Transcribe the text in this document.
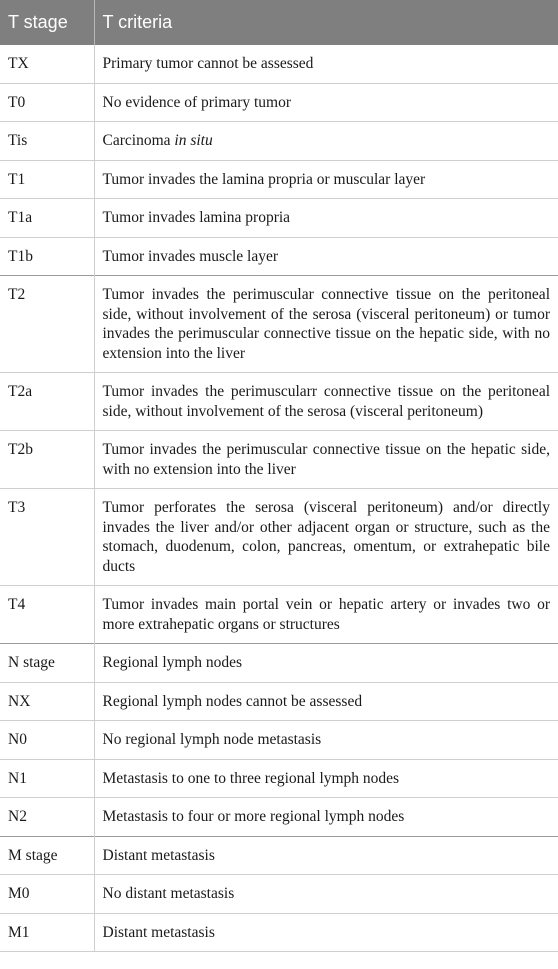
T stage	T criteria
TX	Primary tumor cannot be assessed
T0	No evidence of primary tumor
Tis	Carcinoma in situ
T1	Tumor invades the lamina propria or muscular layer
T1a	Tumor invades lamina propria
T1b	Tumor invades muscle layer
T2	Tumor invades the perimuscular connective tissue on the peritoneal side, without involvement of the serosa (visceral peritoneum) or tumor invades the perimuscular connective tissue on the hepatic side, with no extension into the liver
T2a	Tumor invades the perimuscularr connective tissue on the peritoneal side, without involvement of the serosa (visceral peritoneum)
T2b	Tumor invades the perimuscular connective tissue on the hepatic side, with no extension into the liver
T3	Tumor perforates the serosa (visceral peritoneum) and/or directly invades the liver and/or other adjacent organ or structure, such as the stomach, duodenum, colon, pancreas, omentum, or extrahepatic bile ducts
T4	Tumor invades main portal vein or hepatic artery or invades two or more extrahepatic organs or structures
N stage	Regional lymph nodes
NX	Regional lymph nodes cannot be assessed
N0	No regional lymph node metastasis
N1	Metastasis to one to three regional lymph nodes
N2	Metastasis to four or more regional lymph nodes
M stage	Distant metastasis
M0	No distant metastasis
M1	Distant metastasis
